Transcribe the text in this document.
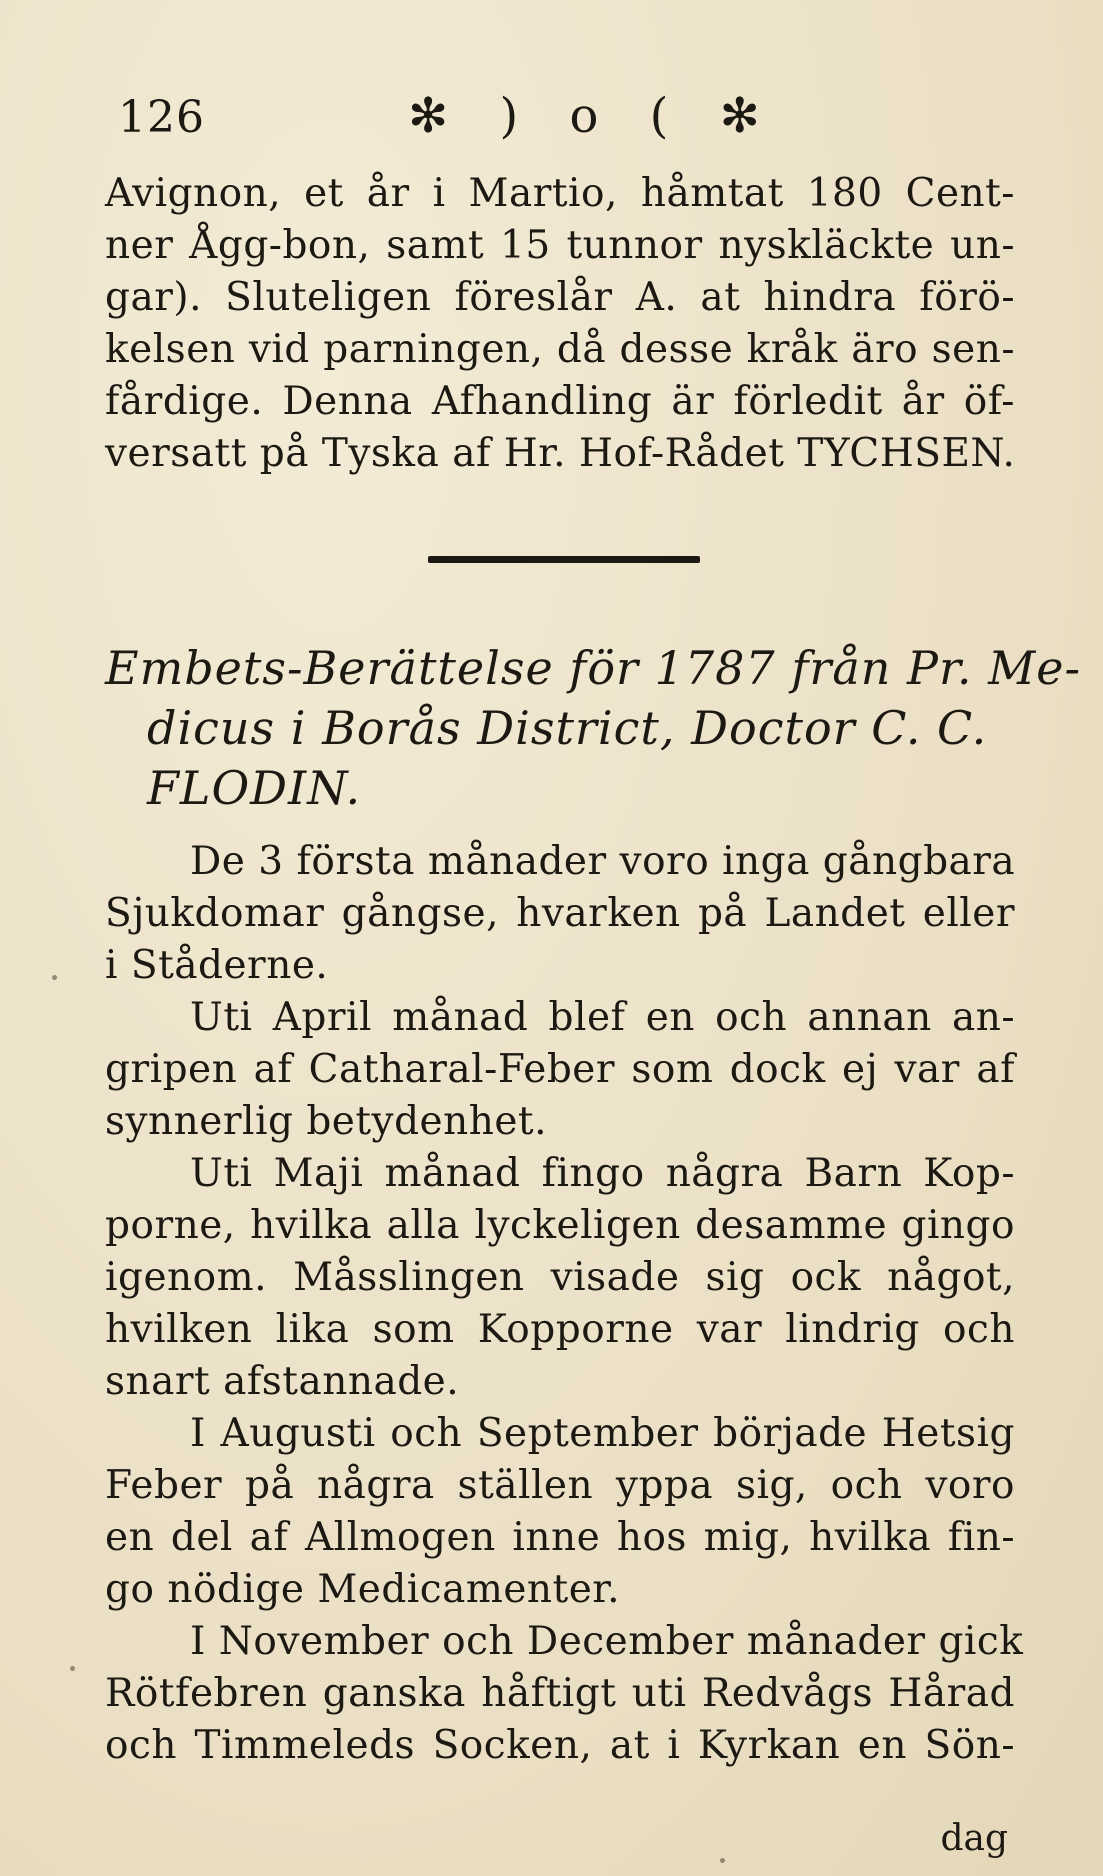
126	✻ ) o ( ✻
Avignon, et år i Martio, håmtat 180 Cent-
ner Ågg-bon, samt 15 tunnor nyskläckte un-
gar). Sluteligen föreslår A. at hindra förö-
kelsen vid parningen, då desse kråk äro sen-
fårdige. Denna Afhandling är förledit år öf-
versatt på Tyska af Hr. Hof-Rådet TYCHSEN.
Embets-Berättelse för 1787 från Pr. Me-
dicus i Borås District, Doctor C. C.
FLODIN.
De 3 första månader voro inga gångbara
Sjukdomar gångse, hvarken på Landet eller
i Ståderne.
Uti April månad blef en och annan an-
gripen af Catharal-Feber som dock ej var af
synnerlig betydenhet.
Uti Maji månad fingo några Barn Kop-
porne, hvilka alla lyckeligen desamme gingo
igenom. Måsslingen visade sig ock något,
hvilken lika som Kopporne var lindrig och
snart afstannade.
I Augusti och September började Hetsig
Feber på några ställen yppa sig, och voro
en del af Allmogen inne hos mig, hvilka fin-
go nödige Medicamenter.
I November och December månader gick
Rötfebren ganska håftigt uti Redvågs Hårad
och Timmeleds Socken, at i Kyrkan en Sön-
dag
